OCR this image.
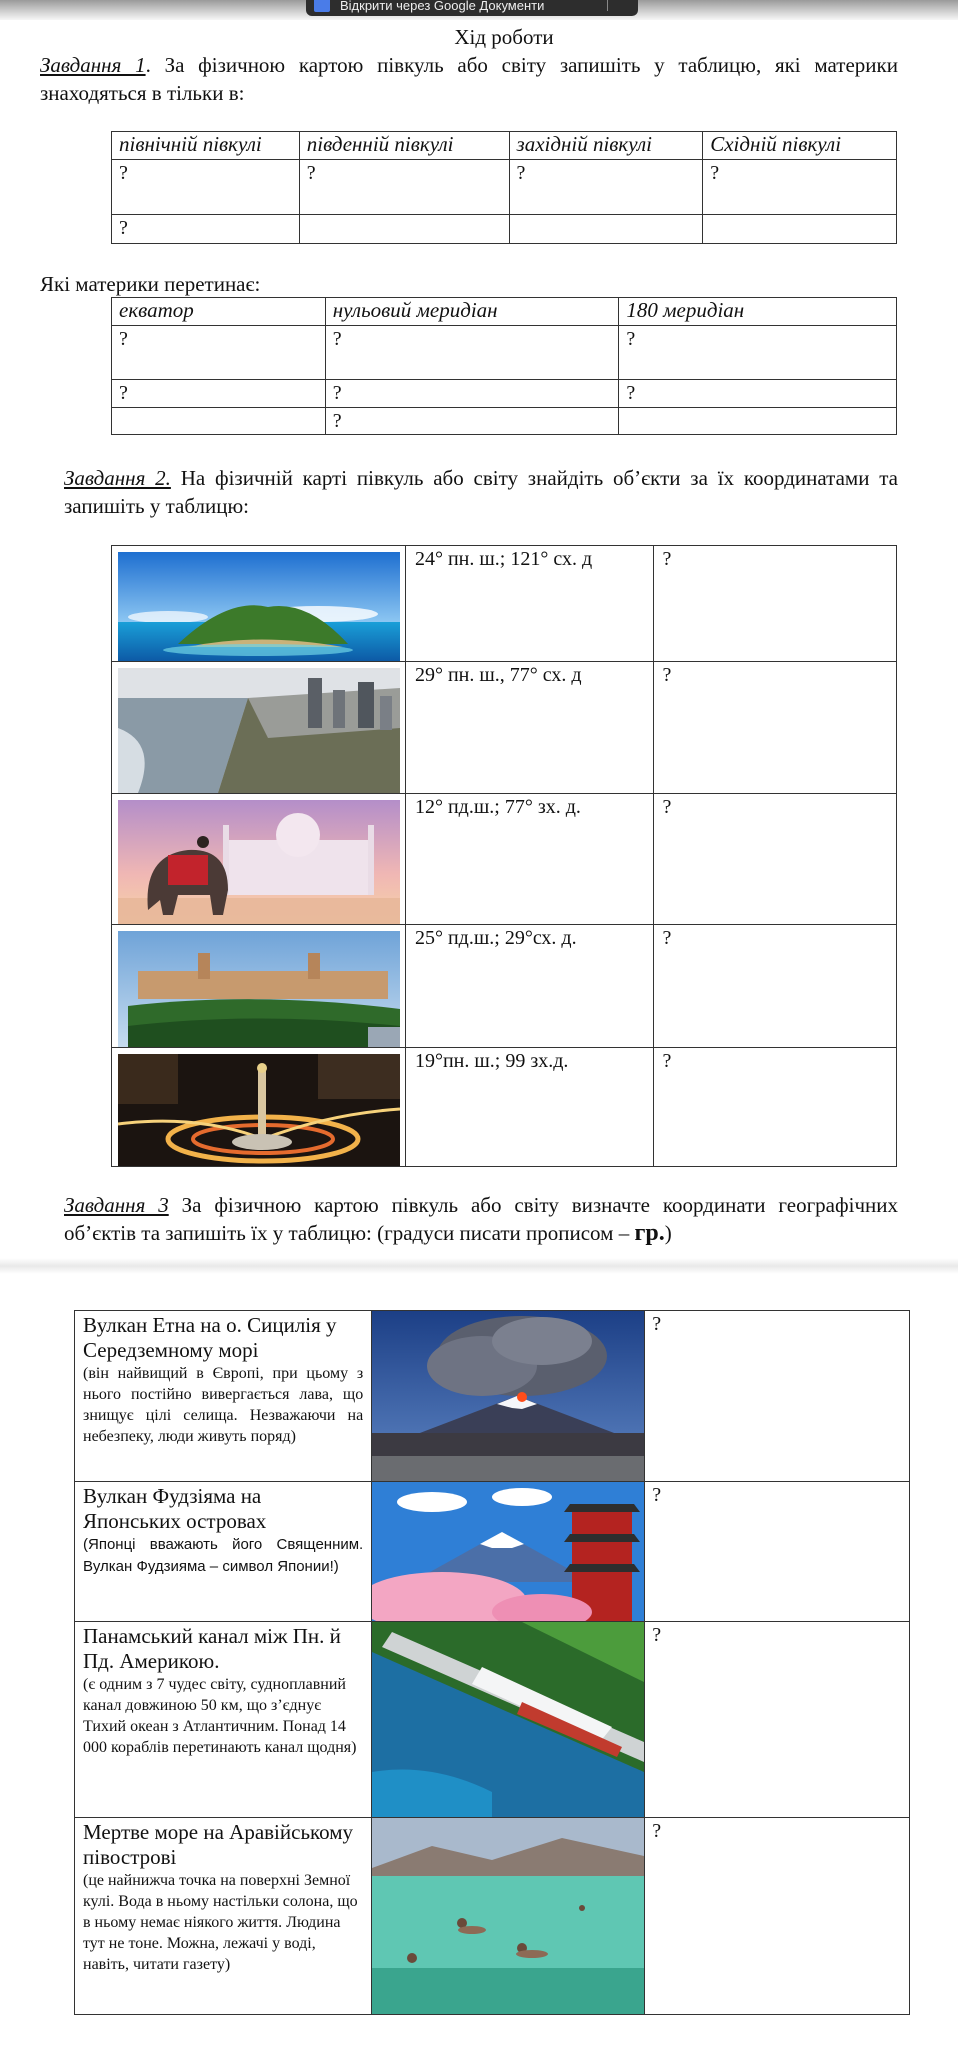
Відкрити через Google Документи
Хід роботи
Завдання 1. За фізичною картою півкуль або світу запишіть у таблицю, які материки знаходяться в тільки в:
північній півкулі	південній півкулі	західній півкулі	Східній півкулі
?	?	?	?
?			
Які материки перетинає:
екватор	нульовий меридіан	180 меридіан
?	?	?
?	?	?
	?	
Завдання 2. На фізичній карті півкуль або світу знайдіть об’єкти за їх координатами та запишіть у таблицю:
	24° пн. ш.; 121° сх. д	?

	29° пн. ш., 77° сх. д	?

	12° пд.ш.; 77° зх. д.	?

	25° пд.ш.; 29°сх. д.	?

	19°пн. ш.; 99 зх.д.	?
Завдання 3 За фізичною картою півкуль або світу визначте координати географічних об’єктів та запишіть їх у таблицю: (градуси писати прописом – гр.)
Вулкан Етна на о. Сицилія у Середземному морі
(він найвищий в Європі, при цьому з нього постійно вивергається лава, що знищує цілі селища. Незважаючи на небезпеку, люди живуть поряд)		?

Вулкан Фудзіяма на Японських островах
(Японці вважають його Священним. Вулкан Фудзияма – символ Японии!)		?

Панамський канал між Пн. й Пд. Америкою.
(є одним з 7 чудес світу, судноплавний канал довжиною 50 км, що з’єднує Тихий океан з Атлантичним. Понад 14 000 кораблів перетинають канал щодня)		?

Мертве море на Аравійському півострові
(це найнижча точка на поверхні Земної кулі. Вода в ньому настільки солона, що в ньому немає ніякого життя. Людина тут не тоне. Можна, лежачі у воді, навіть, читати газету)		?
